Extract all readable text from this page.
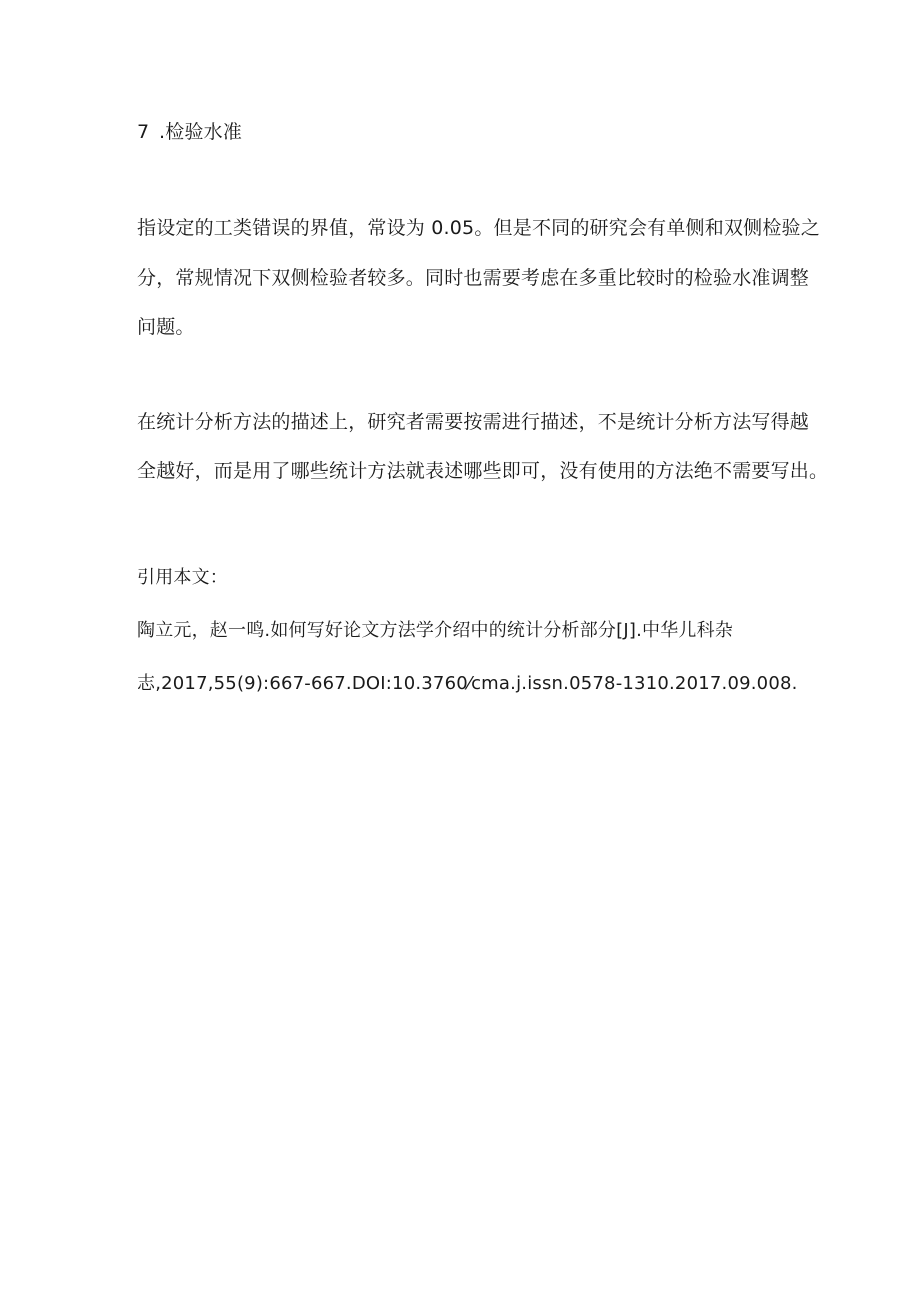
7 .检验水准
指设定的工类错误的界值，常设为 0.05。但是不同的研究会有单侧和双侧检验之
分，常规情况下双侧检验者较多。同时也需要考虑在多重比较时的检验水准调整
问题。
在统计分析方法的描述上，研究者需要按需进行描述，不是统计分析方法写得越
全越好，而是用了哪些统计方法就表述哪些即可，没有使用的方法绝不需要写出。
引用本文：
陶立元，赵一鸣.如何写好论文方法学介绍中的统计分析部分[J].中华儿科杂
志,2017,55(9):667-667.DOI:10.3760⁄cma.j.issn.0578-1310.2017.09.008.
